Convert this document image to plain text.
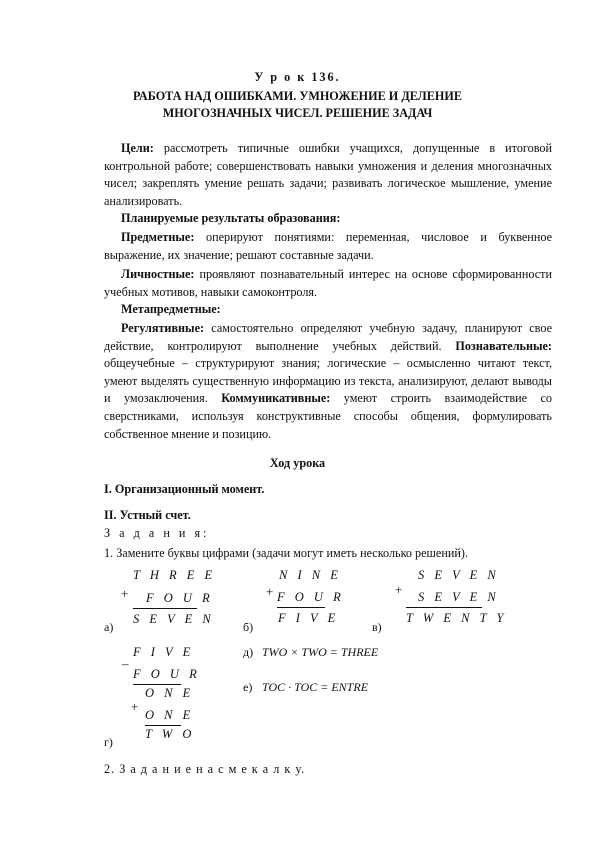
У р о к 136.
РАБОТА НАД ОШИБКАМИ. УМНОЖЕНИЕ И ДЕЛЕНИЕ
МНОГОЗНАЧНЫХ ЧИСЕЛ. РЕШЕНИЕ ЗАДАЧ
Цели: рассмотреть типичные ошибки учащихся, допущенные в итоговой контрольной работе; совершенствовать навыки умножения и деления многозначных чисел; закреплять умение решать задачи; развивать логическое мышление, умение анализировать.
Планируемые результаты образования:
Предметные: оперируют понятиями: переменная, числовое и буквенное выражение, их значение; решают составные задачи.
Личностные: проявляют познавательный интерес на основе сформированности учебных мотивов, навыки самоконтроля.
Метапредметные:
Регулятивные: самостоятельно определяют учебную задачу, планируют свое действие, контролируют выполнение учебных действий. Познавательные: общеучебные – структурируют знания; логические – осмысленно читают текст, умеют выделять существенную информацию из текста, анализируют, делают выводы и умозаключения. Коммуникативные: умеют строить взаимодействие со сверстниками, используя конструктивные способы общения, формулировать собственное мнение и позицию.
Ход урока
I. Организационный момент.
II. Устный счет.
З а д а н и я:
1. Замените буквы цифрами (задачи могут иметь несколько решений).
+
T H R E E
F O U R
S E V E N
а)
+
N I N E
F O U R
F I V E
б)
+
S E V E N
S E V E N
T W E N T Y
в)
F I V E
–
F O U R
O N E
+
O N E
T W O
г)
д) TWO × TWO = THREE
е) TOC · TOC = ENTRE
2. З а д а н и е н а с м е к а л к у.
